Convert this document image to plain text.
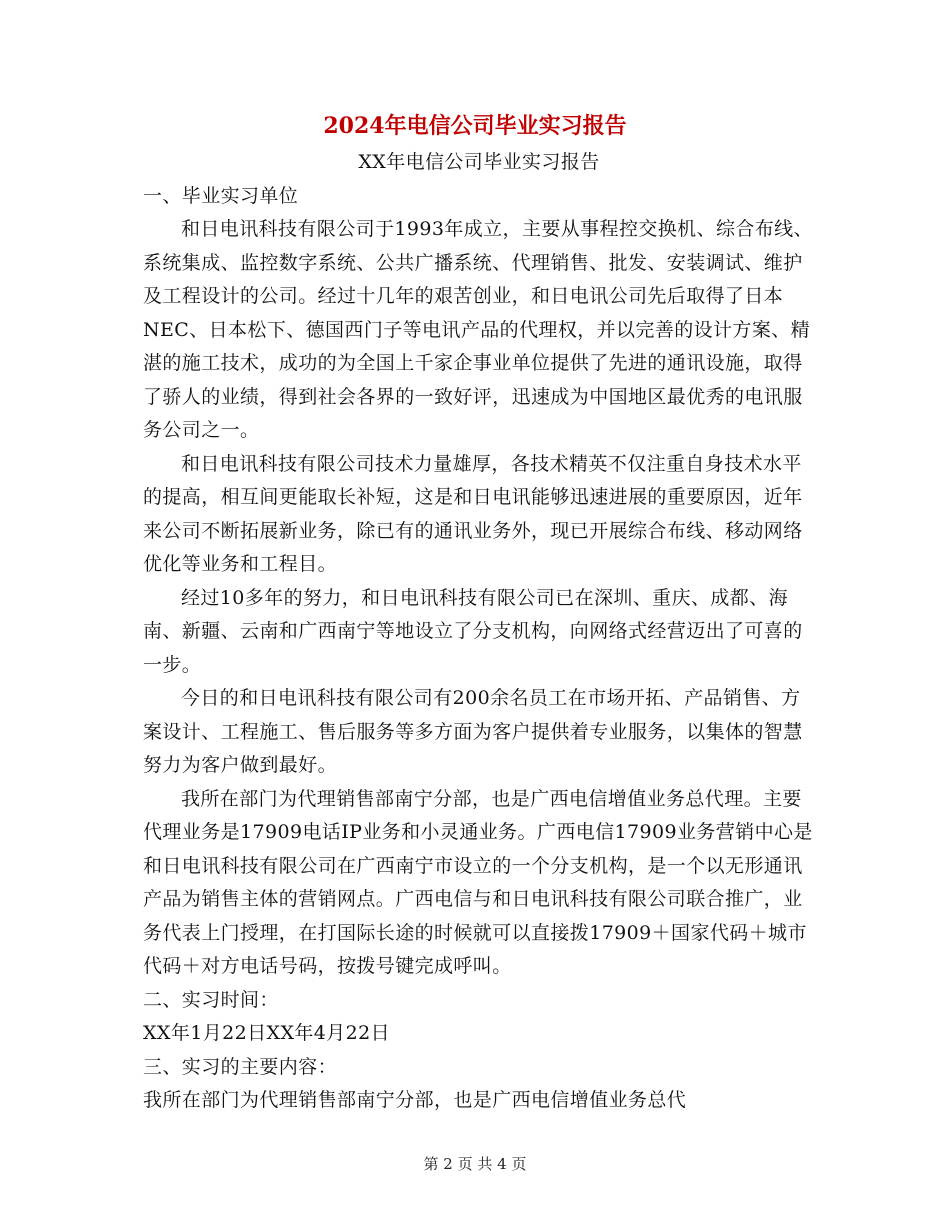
2024年电信公司毕业实习报告

XX年电信公司毕业实习报告

一、毕业实习单位

和日电讯科技有限公司于1993年成立，主要从事程控交换机、综合布线、系统集成、监控数字系统、公共广播系统、代理销售、批发、安装调试、维护及工程设计的公司。经过十几年的艰苦创业，和日电讯公司先后取得了日本NEC、日本松下、德国西门子等电讯产品的代理权，并以完善的设计方案、精湛的施工技术，成功的为全国上千家企事业单位提供了先进的通讯设施，取得了骄人的业绩，得到社会各界的一致好评，迅速成为中国地区最优秀的电讯服务公司之一。

和日电讯科技有限公司技术力量雄厚，各技术精英不仅注重自身技术水平的提高，相互间更能取长补短，这是和日电讯能够迅速进展的重要原因，近年来公司不断拓展新业务，除已有的通讯业务外，现已开展综合布线、移动网络优化等业务和工程目。

经过10多年的努力，和日电讯科技有限公司已在深圳、重庆、成都、海南、新疆、云南和广西南宁等地设立了分支机构，向网络式经营迈出了可喜的一步。

今日的和日电讯科技有限公司有200余名员工在市场开拓、产品销售、方案设计、工程施工、售后服务等多方面为客户提供着专业服务，以集体的智慧努力为客户做到最好。

我所在部门为代理销售部南宁分部，也是广西电信增值业务总代理。主要代理业务是17909电话IP业务和小灵通业务。广西电信17909业务营销中心是和日电讯科技有限公司在广西南宁市设立的一个分支机构，是一个以无形通讯产品为销售主体的营销网点。广西电信与和日电讯科技有限公司联合推广，业务代表上门授理，在打国际长途的时候就可以直接拨17909＋国家代码＋城市代码＋对方电话号码，按拨号键完成呼叫。

二、实习时间：

XX年1月22日XX年4月22日

三、实习的主要内容：

我所在部门为代理销售部南宁分部，也是广西电信增值业务总代

第 2 页 共 4 页
